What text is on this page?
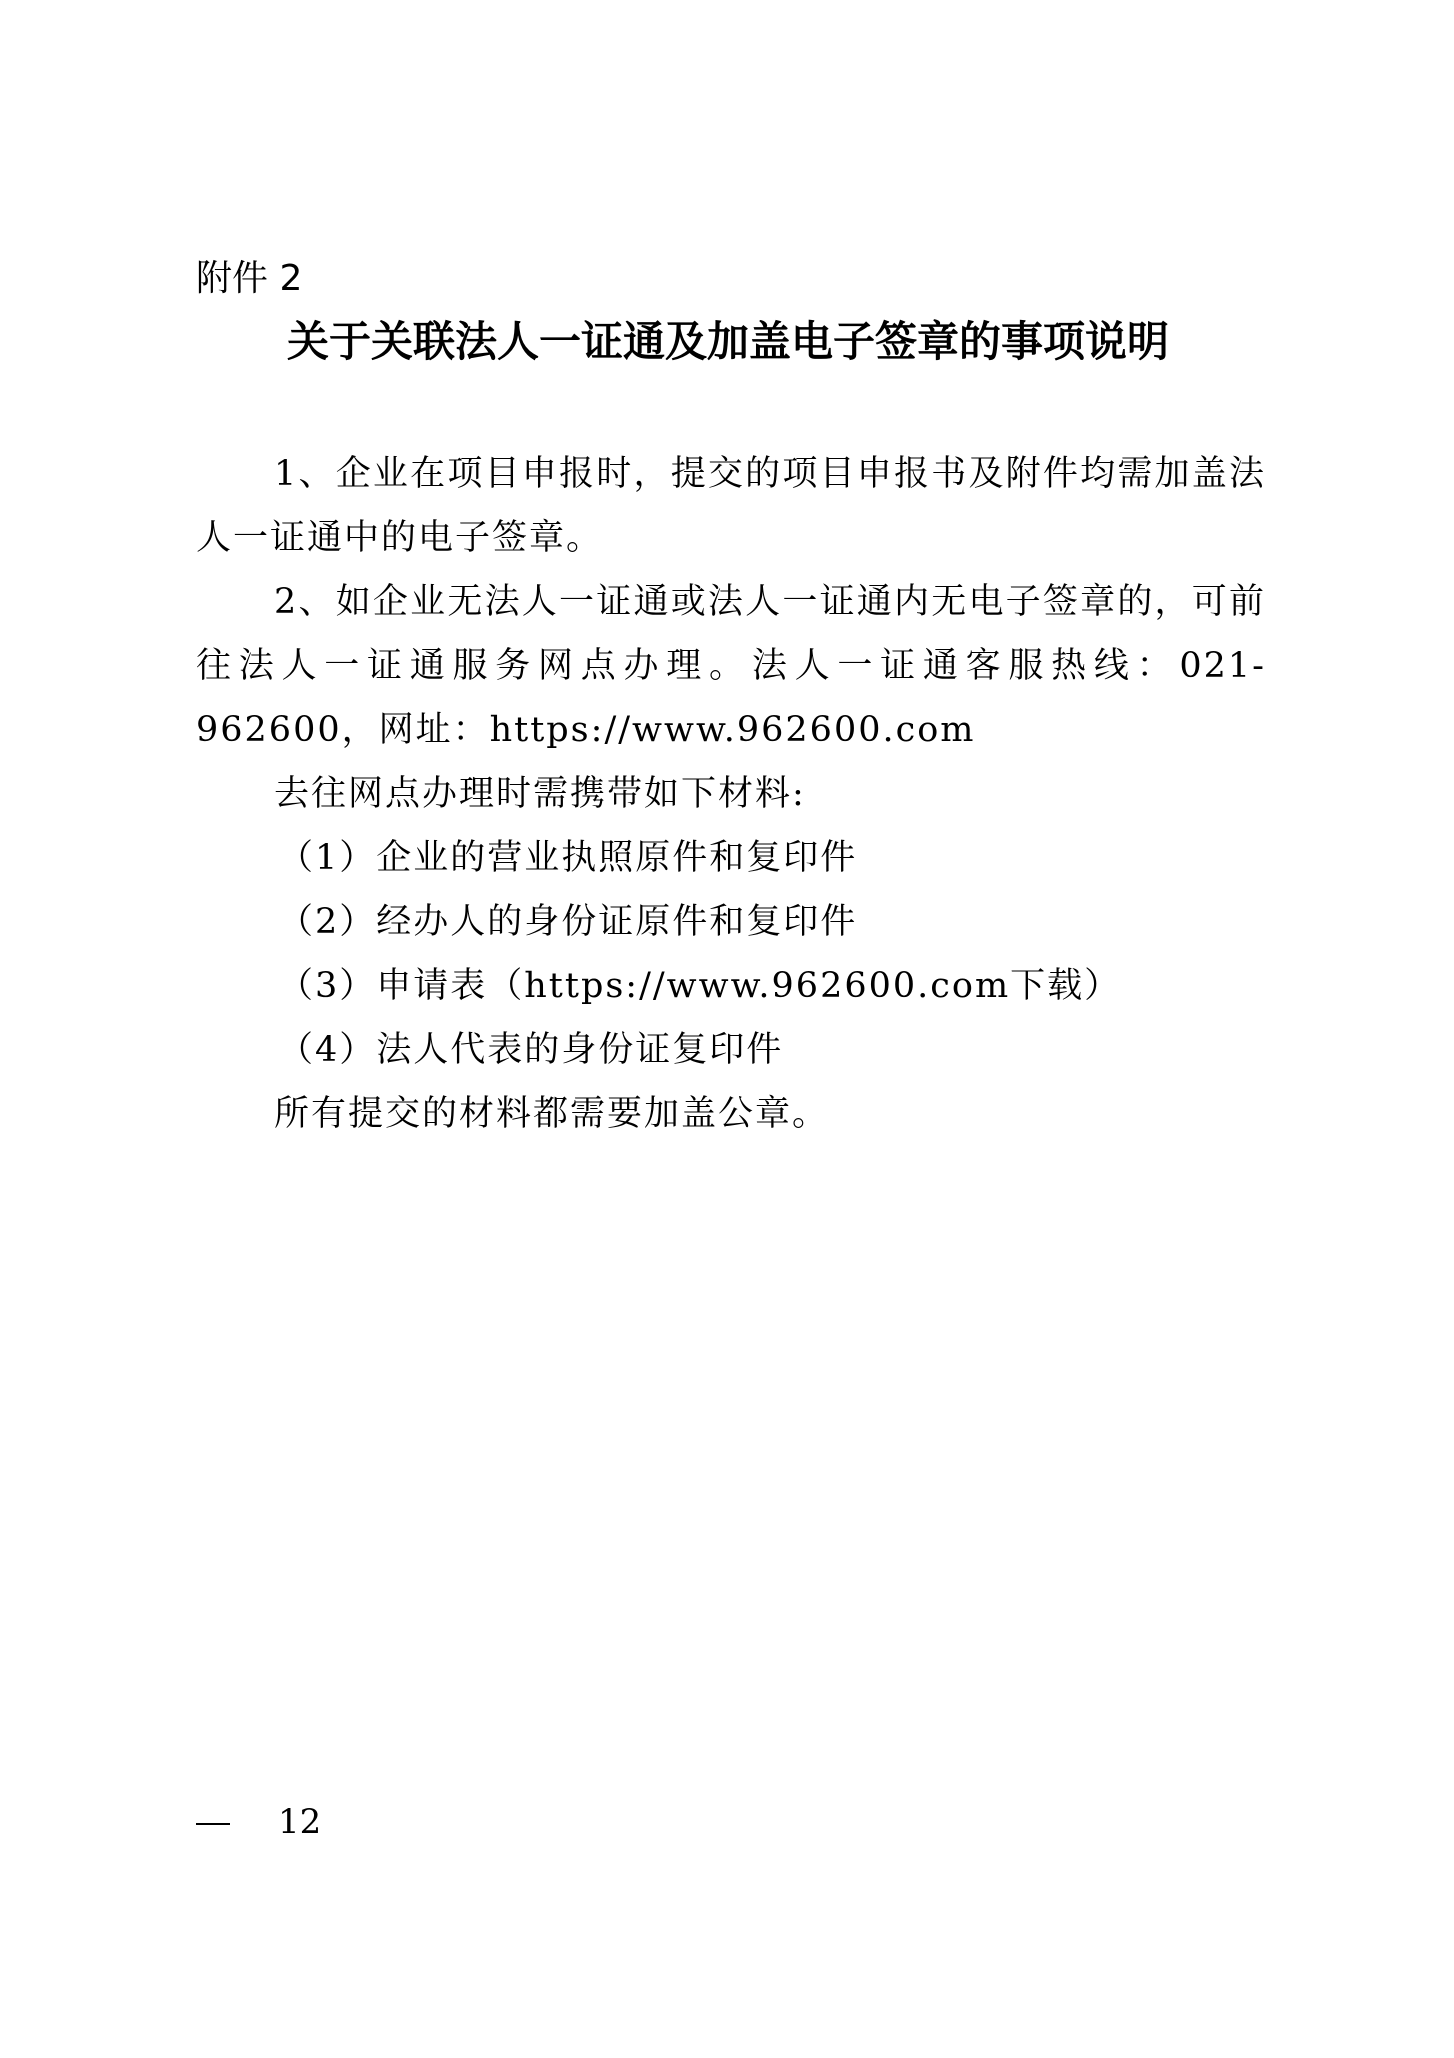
附件 2
关于关联法人一证通及加盖电子签章的事项说明

1、企业在项目申报时，提交的项目申报书及附件均需加盖法人一证通中的电子签章。

2、如企业无法人一证通或法人一证通内无电子签章的，可前往法人一证通服务网点办理。法人一证通客服热线：021-962600，网址：https://www.962600.com

去往网点办理时需携带如下材料:

（1）企业的营业执照原件和复印件

（2）经办人的身份证原件和复印件

（3）申请表（https://www.962600.com下载）

（4）法人代表的身份证复印件

所有提交的材料都需要加盖公章。

12
